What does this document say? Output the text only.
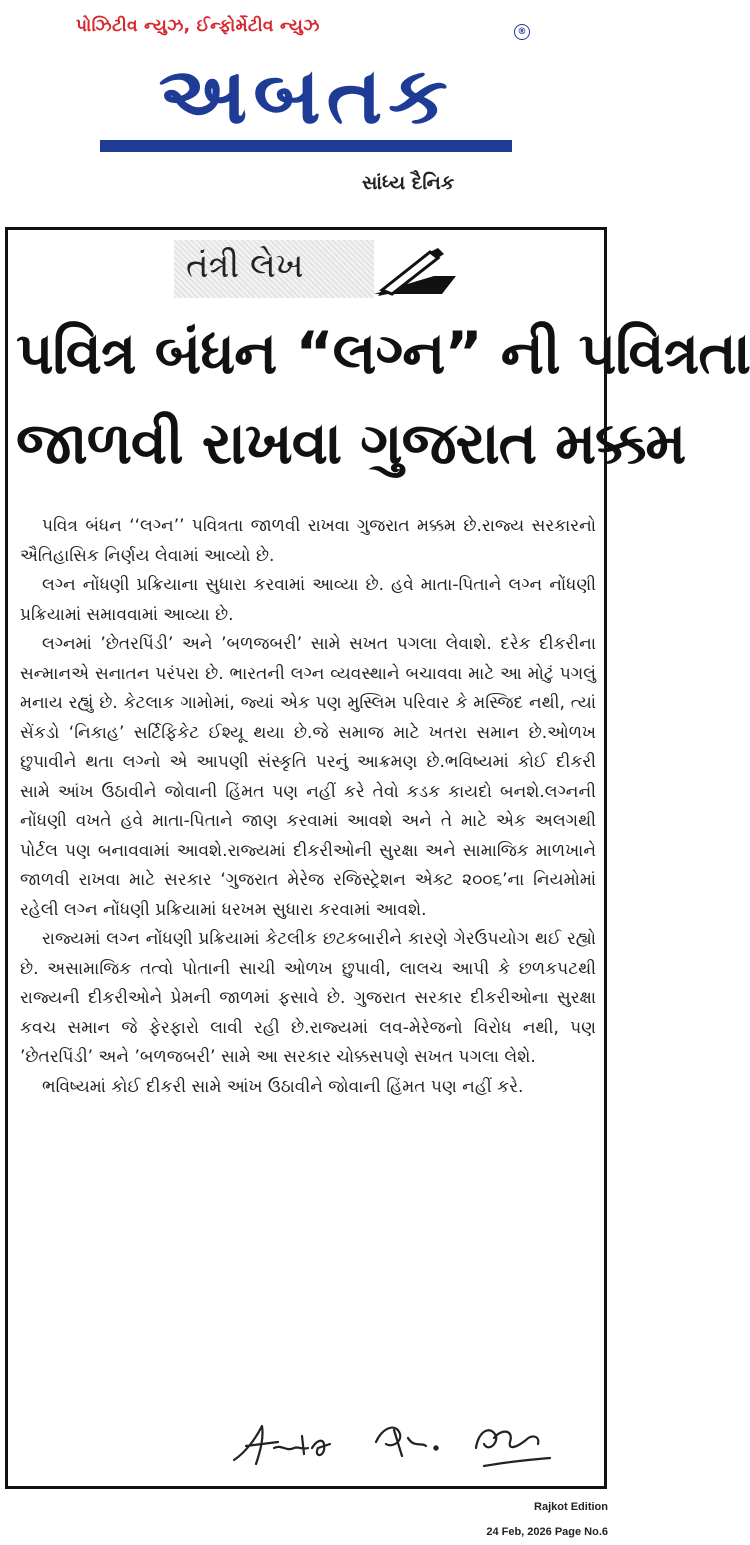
પોઝિટીવ ન્યુઝ, ઈન્ફોર્મેટીવ ન્યુઝ	®
અબતક
સાંધ્ય દૈનિક
તંત્રી લેખ
પવિત્ર બંધન “લગ્ન” ની પવિત્રતા
જાળવી રાખવા ગુજરાત મક્કમ

પવિત્ર બંધન ‘‘લગ્ન’’ પવિત્રતા જાળવી રાખવા ગુજરાત મક્કમ છે.રાજ્ય સરકારનો ઐતિહાસિક નિર્ણય લેવામાં આવ્યો છે.

લગ્ન નોંધણી પ્રક્રિયાના સુધારા કરવામાં આવ્યા છે. હવે માતા-પિતાને લગ્ન નોંધણી પ્રક્રિયામાં સમાવવામાં આવ્યા છે.

લગ્નમાં ’છેતરપિંડી’ અને ’બળજબરી’ સામે સખત પગલા લેવાશે. દરેક દીકરીના સન્માનએ સનાતન પરંપરા છે. ભારતની લગ્ન વ્યવસ્થાને બચાવવા માટે આ મોટું પગલું મનાય રહ્યું છે. કેટલાક ગામોમાં, જ્યાં એક પણ મુસ્લિમ પરિવાર કે મસ્જિદ નથી, ત્યાં સેંકડો ‘નિકાહ’ સર્ટિફિકેટ ઈશ્યૂ થયા છે.જે સમાજ માટે ખતરા સમાન છે.ઓળખ છુપાવીને થતા લગ્નો એ આપણી સંસ્કૃતિ પરનું આક્રમણ છે.ભવિષ્યમાં કોઈ દીકરી સામે આંખ ઉઠાવીને જોવાની હિંમત પણ નહીં કરે તેવો કડક કાયદો બનશે.લગ્નની નોંધણી વખતે હવે માતા-પિતાને જાણ કરવામાં આવશે અને તે માટે એક અલગથી પોર્ટલ પણ બનાવવામાં આવશે.રાજ્યમાં દીકરીઓની સુરક્ષા અને સામાજિક માળખાને જાળવી રાખવા માટે સરકાર ‘ગુજરાત મેરેજ રજિસ્ટ્રેશન એક્ટ ૨૦૦૬’ના નિયમોમાં રહેલી લગ્ન નોંધણી પ્રક્રિયામાં ધરખમ સુધારા કરવામાં આવશે.

રાજ્યમાં લગ્ન નોંધણી પ્રક્રિયામાં કેટલીક છટકબારીને કારણે ગેરઉપયોગ થઈ રહ્યો છે. અસામાજિક તત્વો પોતાની સાચી ઓળખ છુપાવી, લાલચ આપી કે છળકપટથી રાજ્યની દીકરીઓને પ્રેમની જાળમાં ફસાવે છે. ગુજરાત સરકાર દીકરીઓના સુરક્ષા કવચ સમાન જે ફેરફારો લાવી રહી છે.રાજ્યમાં લવ-મેરેજનો વિરોધ નથી, પણ ’છેતરપિંડી’ અને ’બળજબરી’ સામે આ સરકાર ચોક્કસપણે સખત પગલા લેશે.

ભવિષ્યમાં કોઈ દીકરી સામે આંખ ઉઠાવીને જોવાની હિંમત પણ નહીં કરે.

Rajkot Edition
24 Feb, 2026 Page No.6
